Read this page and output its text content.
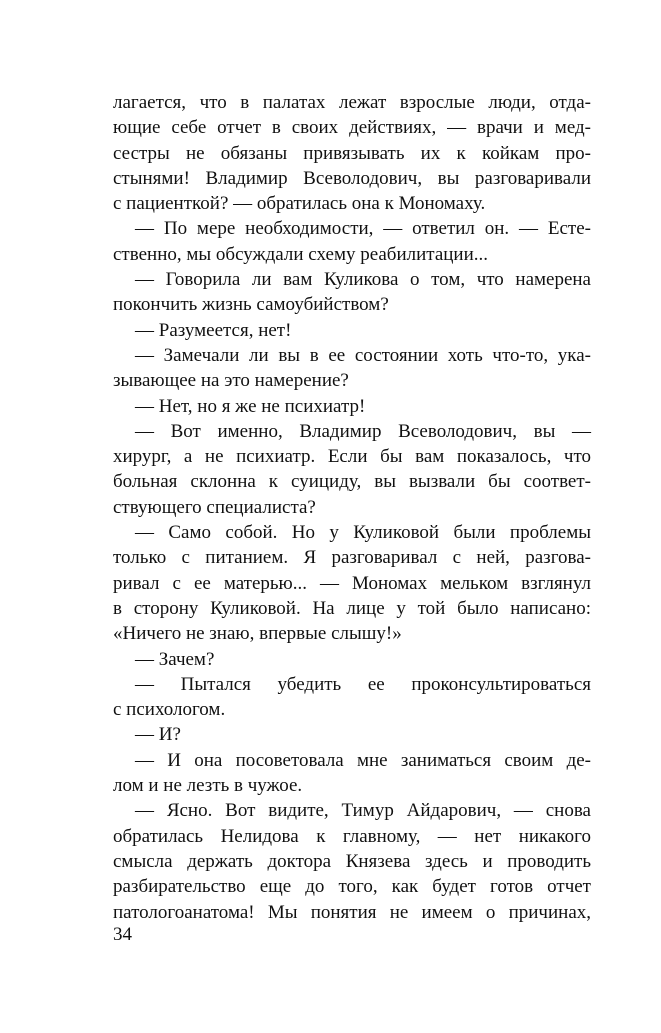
лагается, что в палатах лежат взрослые люди, отда-
ющие себе отчет в своих действиях, — врачи и мед-
сестры не обязаны привязывать их к койкам про-
стынями! Владимир Всеволодович, вы разговаривали
с пациенткой? — обратилась она к Мономаху.
— По мере необходимости, — ответил он. — Есте-
ственно, мы обсуждали схему реабилитации...
— Говорила ли вам Куликова о том, что намерена
покончить жизнь самоубийством?
— Разумеется, нет!
— Замечали ли вы в ее состоянии хоть что-то, ука-
зывающее на это намерение?
— Нет, но я же не психиатр!
— Вот именно, Владимир Всеволодович, вы —
хирург, а не психиатр. Если бы вам показалось, что
больная склонна к суициду, вы вызвали бы соответ-
ствующего специалиста?
— Само собой. Но у Куликовой были проблемы
только с питанием. Я разговаривал с ней, разгова-
ривал с ее матерью... — Мономах мельком взглянул
в сторону Куликовой. На лице у той было написано:
«Ничего не знаю, впервые слышу!»
— Зачем?
— Пытался убедить ее проконсультироваться
с психологом.
— И?
— И она посоветовала мне заниматься своим де-
лом и не лезть в чужое.
— Ясно. Вот видите, Тимур Айдарович, — снова
обратилась Нелидова к главному, — нет никакого
смысла держать доктора Князева здесь и проводить
разбирательство еще до того, как будет готов отчет
патологоанатома! Мы понятия не имеем о причинах,
34
